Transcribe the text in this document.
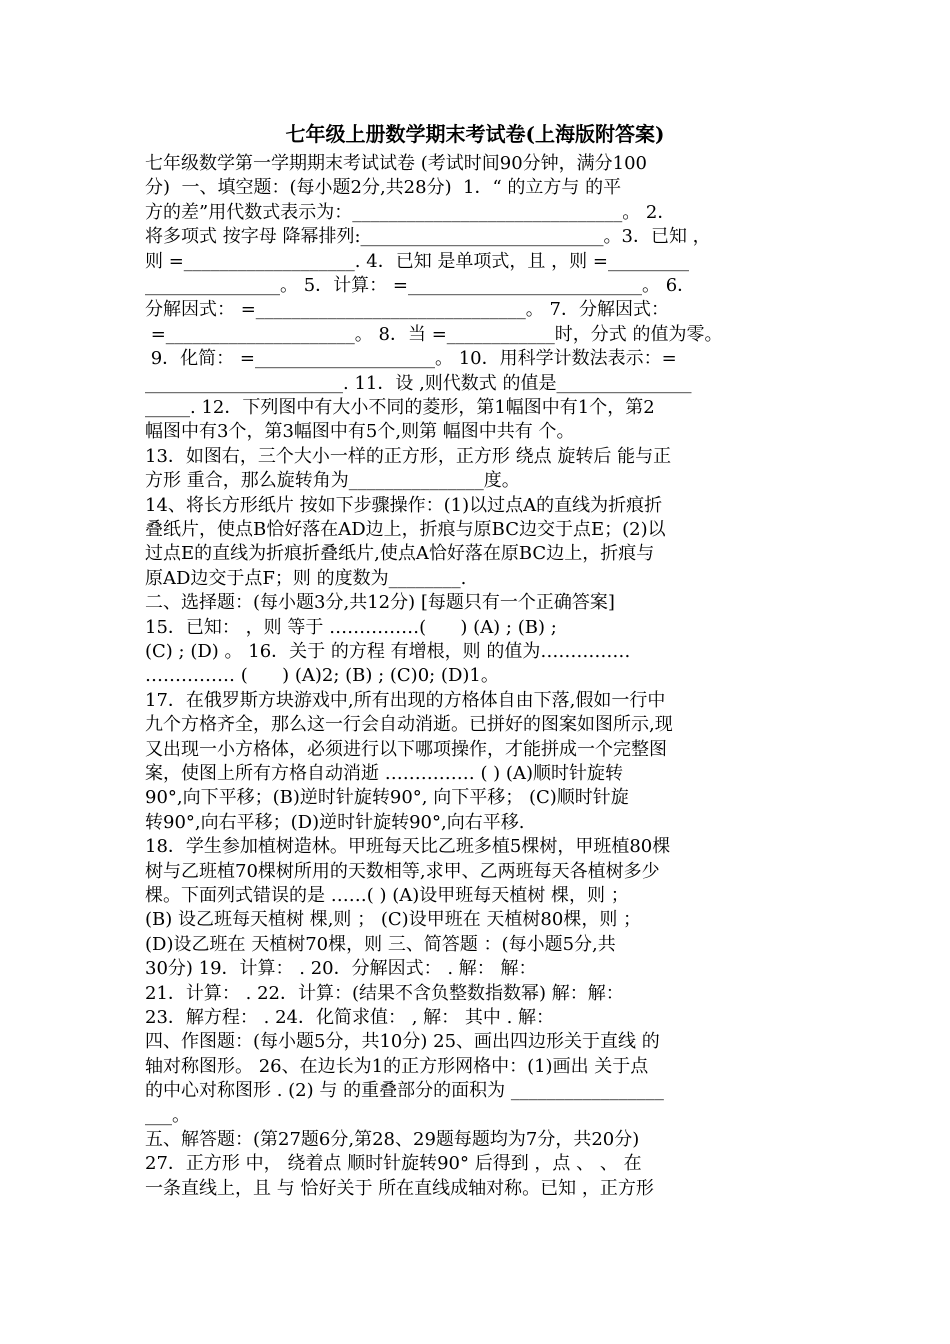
七年级上册数学期末考试卷(上海版附答案)
七年级数学第一学期期末考试试卷 (考试时间90分钟，满分100
分)  一、填空题：(每小题2分,共28分)  1．“ 的立方与 的平
方的差”用代数式表示为：______________________________。 2．
将多项式 按字母 降幂排列:___________________________。3．已知 ，
则 =___________________. 4．已知 是单项式，且 ，则 =_________
_______________。 5．计算： =__________________________。 6．
分解因式： =______________________________。 7．分解因式：
=_____________________。 8．当 =____________时，分式 的值为零。
9．化简： =____________________。 10．用科学计数法表示：=
______________________. 11．设 ,则代数式 的值是_______________
_____. 12．下列图中有大小不同的菱形，第1幅图中有1个，第2
幅图中有3个，第3幅图中有5个,则第 幅图中共有 个。
13．如图右，三个大小一样的正方形，正方形 绕点 旋转后 能与正
方形 重合，那么旋转角为_______________度。
14、将长方形纸片 按如下步骤操作：(1)以过点A的直线为折痕折
叠纸片，使点B恰好落在AD边上，折痕与原BC边交于点E；(2)以
过点E的直线为折痕折叠纸片,使点A恰好落在原BC边上，折痕与
原AD边交于点F；则 的度数为________.
二、选择题：(每小题3分,共12分) [每题只有一个正确答案]
15．已知： ，则 等于 ……………(      ) (A) ; (B) ;
(C) ; (D) 。 16．关于 的方程 有增根，则 的值为……………
…………… (      ) (A)2; (B) ; (C)0; (D)1。
17．在俄罗斯方块游戏中,所有出现的方格体自由下落,假如一行中
九个方格齐全，那么这一行会自动消逝。已拼好的图案如图所示,现
又出现一小方格体，必须进行以下哪项操作，才能拼成一个完整图
案，使图上所有方格自动消逝 …………… ( ) (A)顺时针旋转
90°,向下平移；(B)逆时针旋转90°, 向下平移； (C)顺时针旋
转90°,向右平移；(D)逆时针旋转90°,向右平移.
18．学生参加植树造林。甲班每天比乙班多植5棵树，甲班植80棵
树与乙班植70棵树所用的天数相等,求甲、乙两班每天各植树多少
棵。下面列式错误的是 ……( ) (A)设甲班每天植树 棵，则 ；
(B) 设乙班每天植树 棵,则 ； (C)设甲班在 天植树80棵，则 ；
(D)设乙班在 天植树70棵，则 三、简答题 ：(每小题5分,共
30分) 19．计算： . 20．分解因式： . 解： 解：
21．计算： . 22．计算：(结果不含负整数指数幂) 解：解：
23．解方程： . 24．化简求值： , 解： 其中 . 解：
四、作图题：(每小题5分，共10分) 25、画出四边形关于直线 的
轴对称图形。 26、在边长为1的正方形网格中：(1)画出 关于点
的中心对称图形 . (2) 与 的重叠部分的面积为 _________________
___。
五、解答题：(第27题6分,第28、29题每题均为7分，共20分)
27．正方形 中， 绕着点 顺时针旋转90° 后得到 ，点 、 、 在
一条直线上，且 与 恰好关于 所在直线成轴对称。已知 ，正方形
